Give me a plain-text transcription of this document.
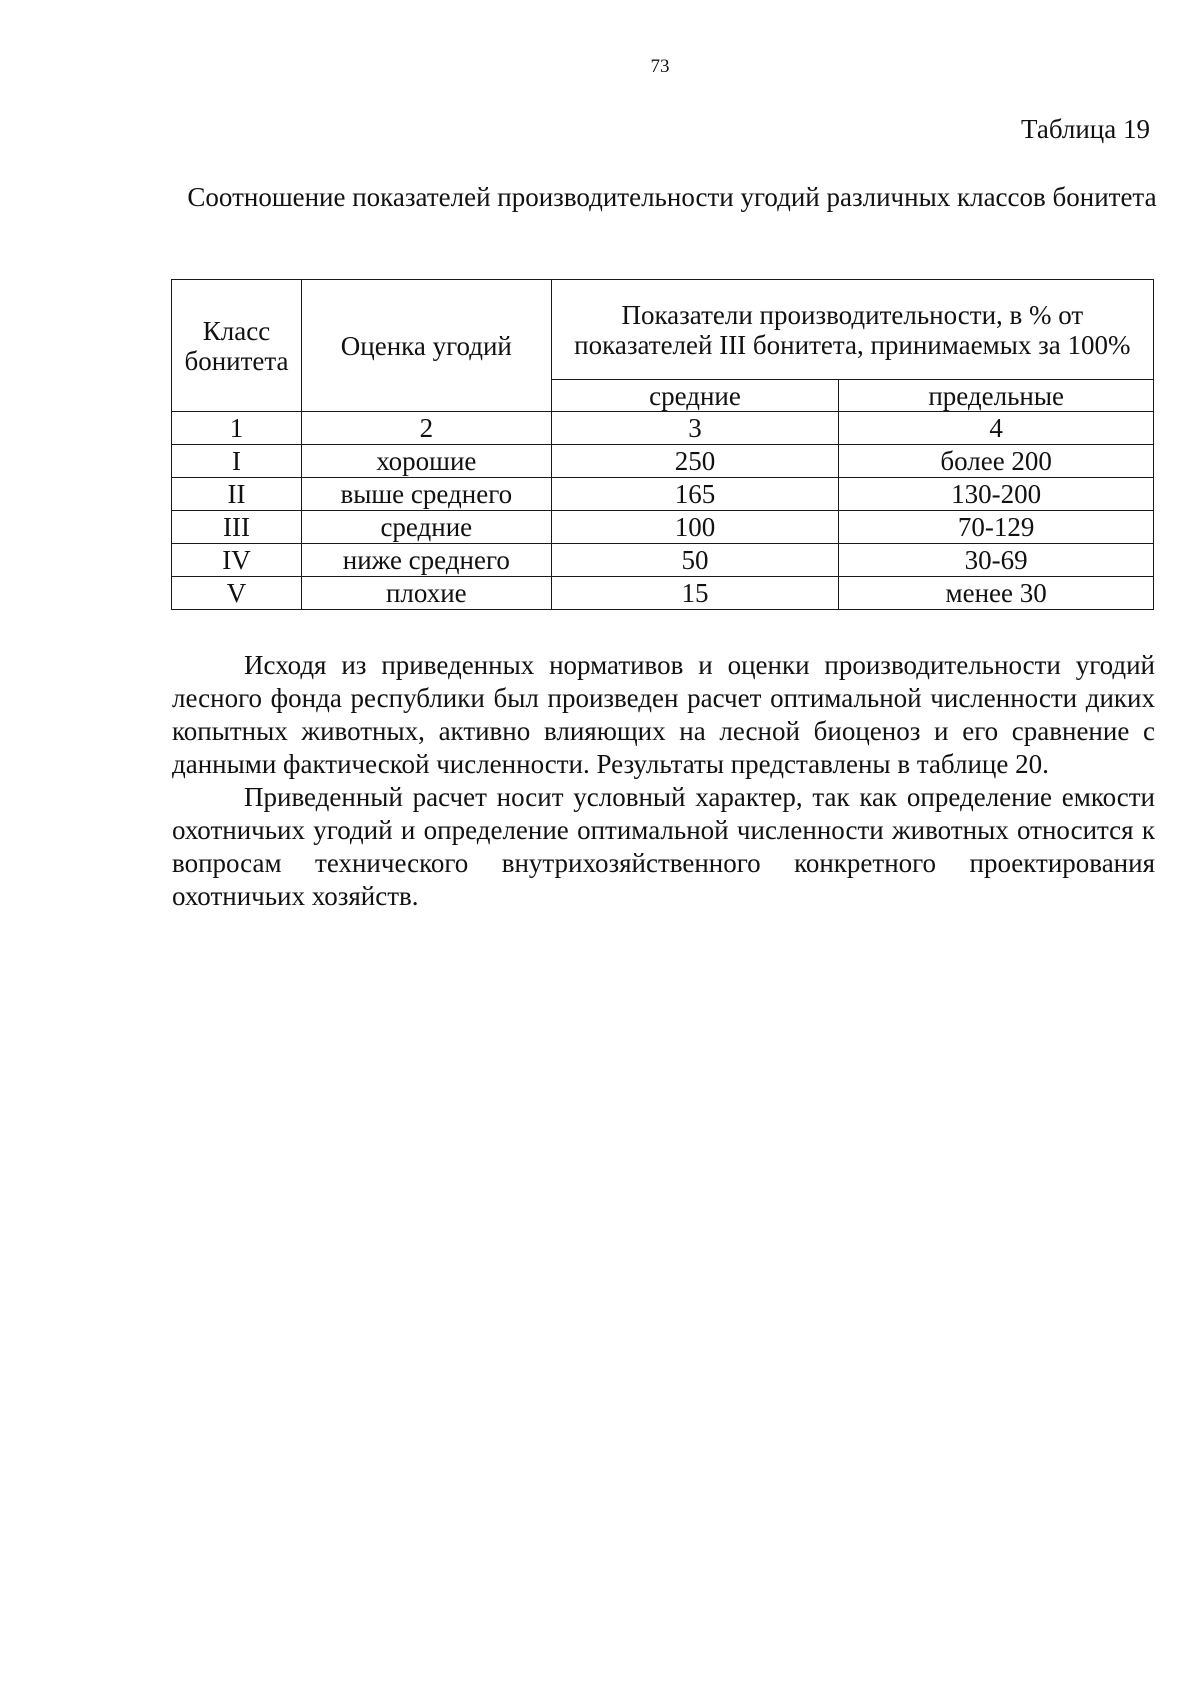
73
Таблица 19
Соотношение показателей производительности угодий различных классов бонитета
Класс бонитета	Оценка угодий	Показатели производительности, в % от показателей III бонитета, принимаемых за 100%	
		средние	предельные
1	2	3	4
I	хорошие	250	более 200
II	выше среднего	165	130-200
III	средние	100	70-129
IV	ниже среднего	50	30-69
V	плохие	15	менее 30

Исходя из приведенных нормативов и оценки производительности угодий лесного фонда республики был произведен расчет оптимальной численности диких копытных животных, активно влияющих на лесной биоценоз и его сравнение с данными фактической численности. Результаты представлены в таблице 20.

Приведенный расчет носит условный характер, так как определение емкости охотничьих угодий и определение оптимальной численности животных относится к вопросам технического внутрихозяйственного конкретного проектирования охотничьих хозяйств.
